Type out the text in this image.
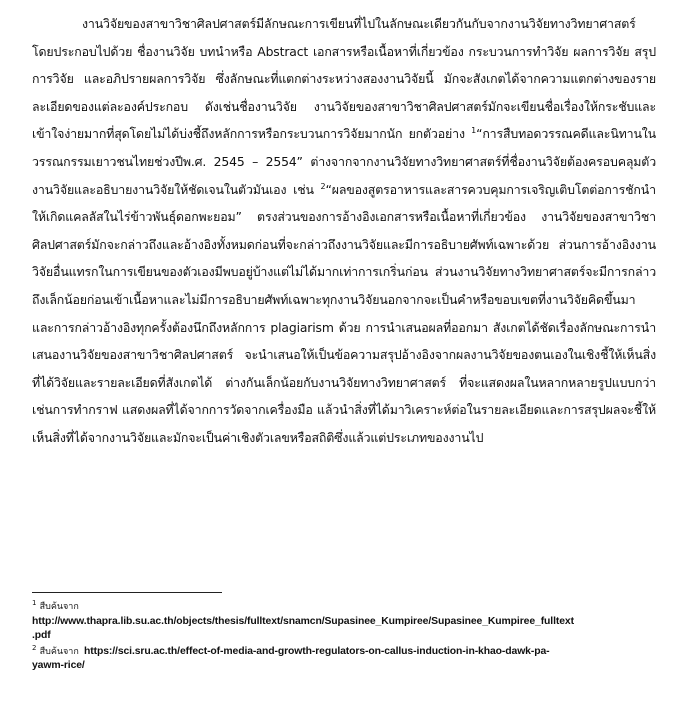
งานวิจัยของสาขาวิชาศิลปศาสตร์มีลักษณะการเขียนที่ไปในลักษณะเดียวกันกับจากงานวิจัยทางวิทยาศาสตร์ โดยประกอบไปด้วย ชื่องานวิจัย บทนำหรือ Abstract เอกสารหรือเนื้อหาที่เกี่ยวข้อง กระบวนการทำวิจัย ผลการวิจัย สรุปการวิจัย และอภิปรายผลการวิจัย ซึ่งลักษณะที่แตกต่างระหว่างสองงานวิจัยนี้ มักจะสังเกตได้จากความแตกต่างของรายละเอียดของแต่ละองค์ประกอบ ดังเช่นชื่องานวิจัย งานวิจัยของสาขาวิชาศิลปศาสตร์มักจะเขียนชื่อเรื่องให้กระชับและเข้าใจง่ายมากที่สุดโดยไม่ได้บ่งชี้ถึงหลักการหรือกระบวนการวิจัยมากนัก ยกตัวอย่าง $^1$“การสืบทอดวรรณคดีและนิทานในวรรณกรรมเยาวชนไทยช่วงปีพ.ศ. 2545 – 2554” ต่างจากจากงานวิจัยทางวิทยาศาสตร์ที่ชื่องานวิจัยต้องครอบคลุมตัวงานวิจัยและอธิบายงานวิจัยให้ชัดเจนในตัวมันเอง เช่น $^2$“ผลของสูตรอาหารและสารควบคุมการเจริญเติบโตต่อการชักนำให้เกิดแคลลัสในไร่ข้าวพันธุ์ดอกพะยอม” ตรงส่วนของการอ้างอิงเอกสารหรือเนื้อหาที่เกี่ยวข้อง งานวิจัยของสาขาวิชาศิลปศาสตร์มักจะกล่าวถึงและอ้างอิงทั้งหมดก่อนที่จะกล่าวถึงงานวิจัยและมีการอธิบายศัพท์เฉพาะด้วย ส่วนการอ้างอิงงานวิจัยอื่นแทรกในการเขียนของตัวเองมีพบอยู่บ้างแต่ไม่ได้มากเท่าการเกริ่นก่อน ส่วนงานวิจัยทางวิทยาศาสตร์จะมีการกล่าวถึงเล็กน้อยก่อนเข้าเนื้อหาและไม่มีการอธิบายศัพท์เฉพาะทุกงานวิจัยนอกจากจะเป็นคำหรือขอบเขตที่งานวิจัยคิดขึ้นมา และการกล่าวอ้างอิงทุกครั้งต้องนึกถึงหลักการ plagiarism ด้วย การนำเสนอผลที่ออกมา สังเกตได้ชัดเรื่องลักษณะการนำเสนองานวิจัยของสาขาวิชาศิลปศาสตร์ จะนำเสนอให้เป็นข้อความสรุปอ้างอิงจากผลงานวิจัยของตนเองในเชิงชี้ให้เห็นสิ่งที่ได้วิจัยและรายละเอียดที่สังเกตได้ ต่างกันเล็กน้อยกับงานวิจัยทางวิทยาศาสตร์ ที่จะแสดงผลในหลากหลายรูปแบบกว่าเช่นการทำกราฟ แสดงผลที่ได้จากการวัดจากเครื่องมือ แล้วนำสิ่งที่ได้มาวิเคราะห์ต่อในรายละเอียดและการสรุปผลจะชี้ให้เห็นสิ่งที่ได้จากงานวิจัยและมักจะเป็นค่าเชิงตัวเลขหรือสถิติซึ่งแล้วแต่ประเภทของงานไป

$^1$ สืบค้นจาก
http://www.thapra.lib.su.ac.th/objects/thesis/fulltext/snamcn/Supasinee_Kumpiree/Supasinee_Kumpiree_fulltext
.pdf

$^2$ สืบค้นจาก https://sci.sru.ac.th/effect-of-media-and-growth-regulators-on-callus-induction-in-khao-dawk-pa-
yawm-rice/
